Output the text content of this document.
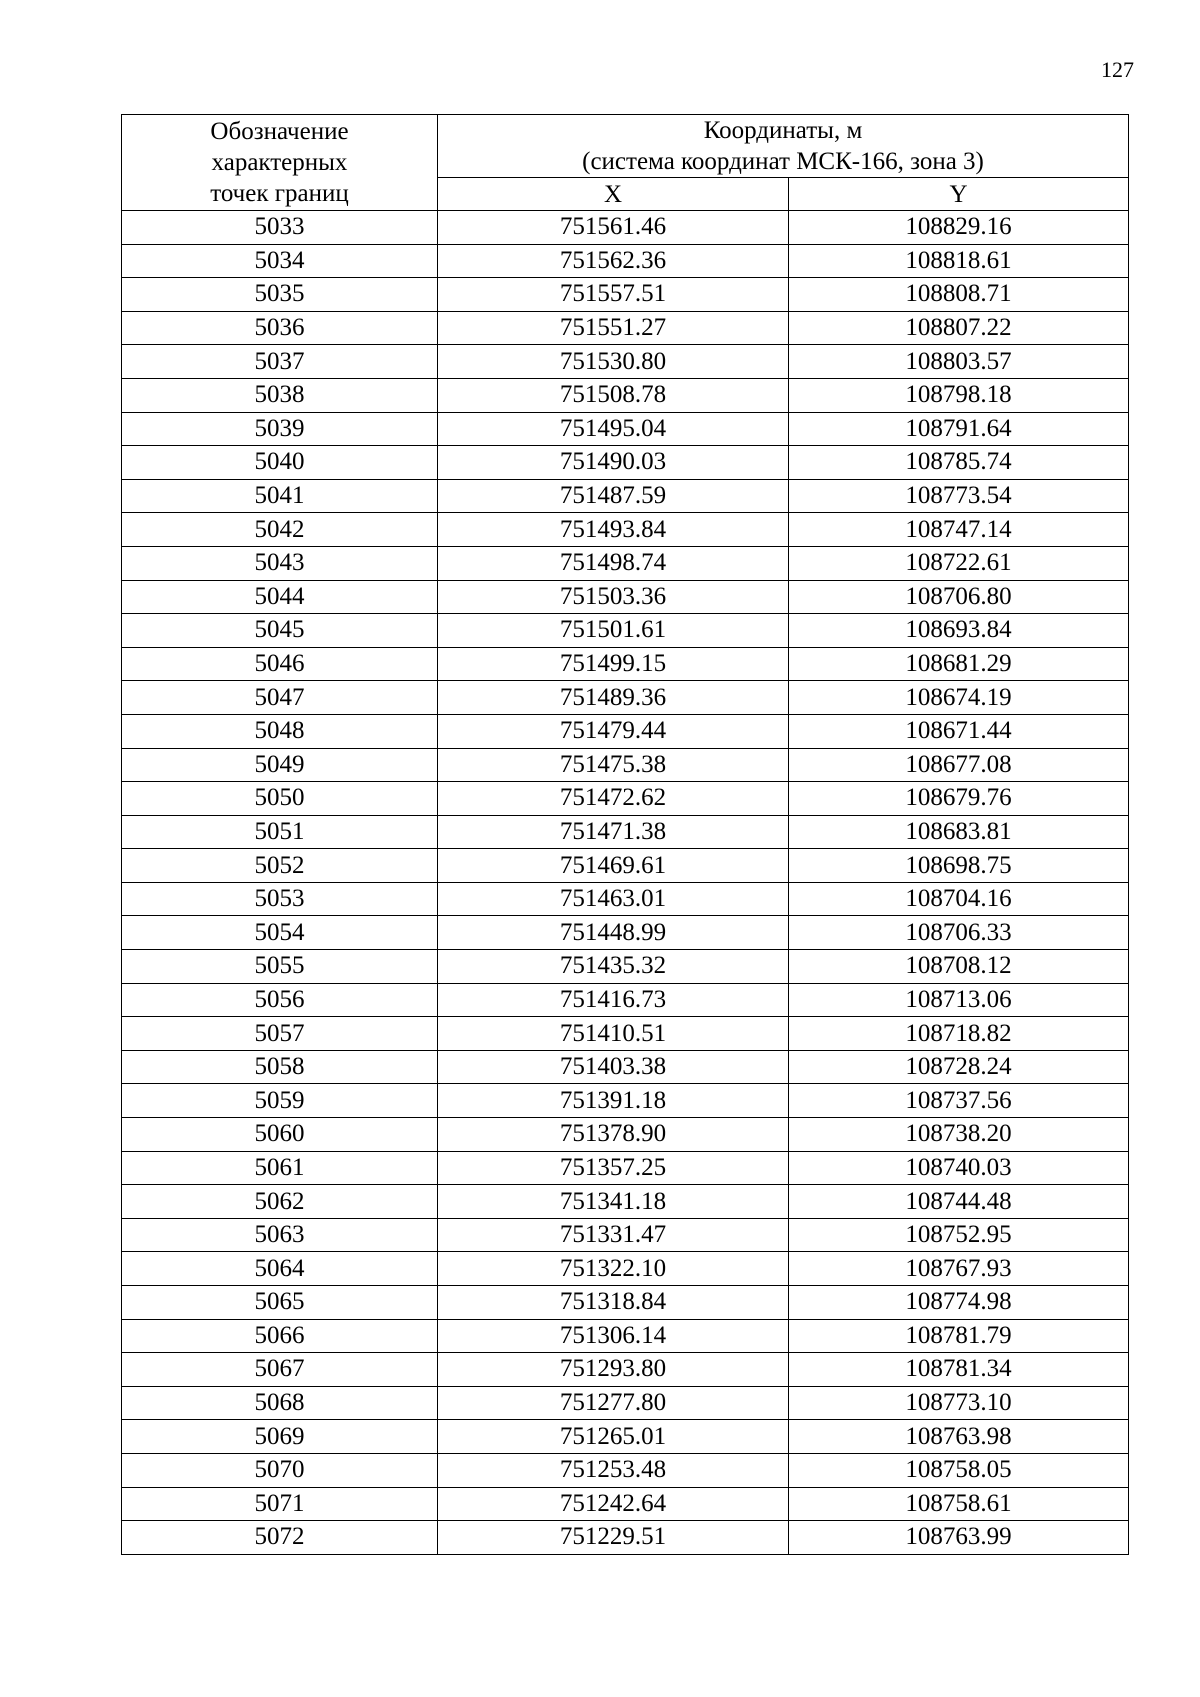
127
Обозначение
характерных
точек границ	Координаты, м
(система координат МСК-166, зона 3)	

	X	Y
5033	751561.46	108829.16
5034	751562.36	108818.61
5035	751557.51	108808.71
5036	751551.27	108807.22
5037	751530.80	108803.57
5038	751508.78	108798.18
5039	751495.04	108791.64
5040	751490.03	108785.74
5041	751487.59	108773.54
5042	751493.84	108747.14
5043	751498.74	108722.61
5044	751503.36	108706.80
5045	751501.61	108693.84
5046	751499.15	108681.29
5047	751489.36	108674.19
5048	751479.44	108671.44
5049	751475.38	108677.08
5050	751472.62	108679.76
5051	751471.38	108683.81
5052	751469.61	108698.75
5053	751463.01	108704.16
5054	751448.99	108706.33
5055	751435.32	108708.12
5056	751416.73	108713.06
5057	751410.51	108718.82
5058	751403.38	108728.24
5059	751391.18	108737.56
5060	751378.90	108738.20
5061	751357.25	108740.03
5062	751341.18	108744.48
5063	751331.47	108752.95
5064	751322.10	108767.93
5065	751318.84	108774.98
5066	751306.14	108781.79
5067	751293.80	108781.34
5068	751277.80	108773.10
5069	751265.01	108763.98
5070	751253.48	108758.05
5071	751242.64	108758.61
5072	751229.51	108763.99
